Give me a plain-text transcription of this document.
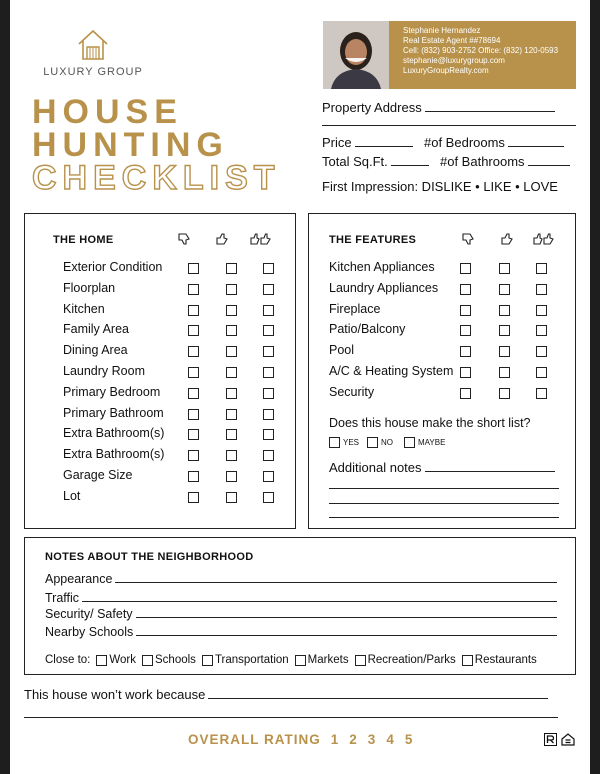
LUXURY GROUP
HOUSE
HUNTING
CHECKLIST
Stephanie Hernandez
Real Estate Agent ##78694
Cell: (832) 903-2752 Office: (832) 120-0593
stephanie@luxurygroup.com
LuxuryGroupRealty.com
Property Address
Price	#of Bedrooms
Total Sq.Ft.	#of Bathrooms
First Impression: DISLIKE • LIKE • LOVE
THE HOME
Exterior Condition
Floorplan
Kitchen
Family Area
Dining Area
Laundry Room
Primary Bedroom
Primary Bathroom
Extra Bathroom(s)
Extra Bathroom(s)
Garage Size
Lot
THE FEATURES
Kitchen Appliances
Laundry Appliances
Fireplace
Patio/Balcony
Pool
A/C & Heating System
Security
Does this house make the short list?
YES	NO	MAYBE
Additional notes
NOTES ABOUT THE NEIGHBORHOOD
Appearance
Traffic
Security/ Safety
Nearby Schools
Close to: Work Schools Transportation Markets Recreation/Parks Restaurants
This house won’t work because
OVERALL RATING 1 2 3 4 5
